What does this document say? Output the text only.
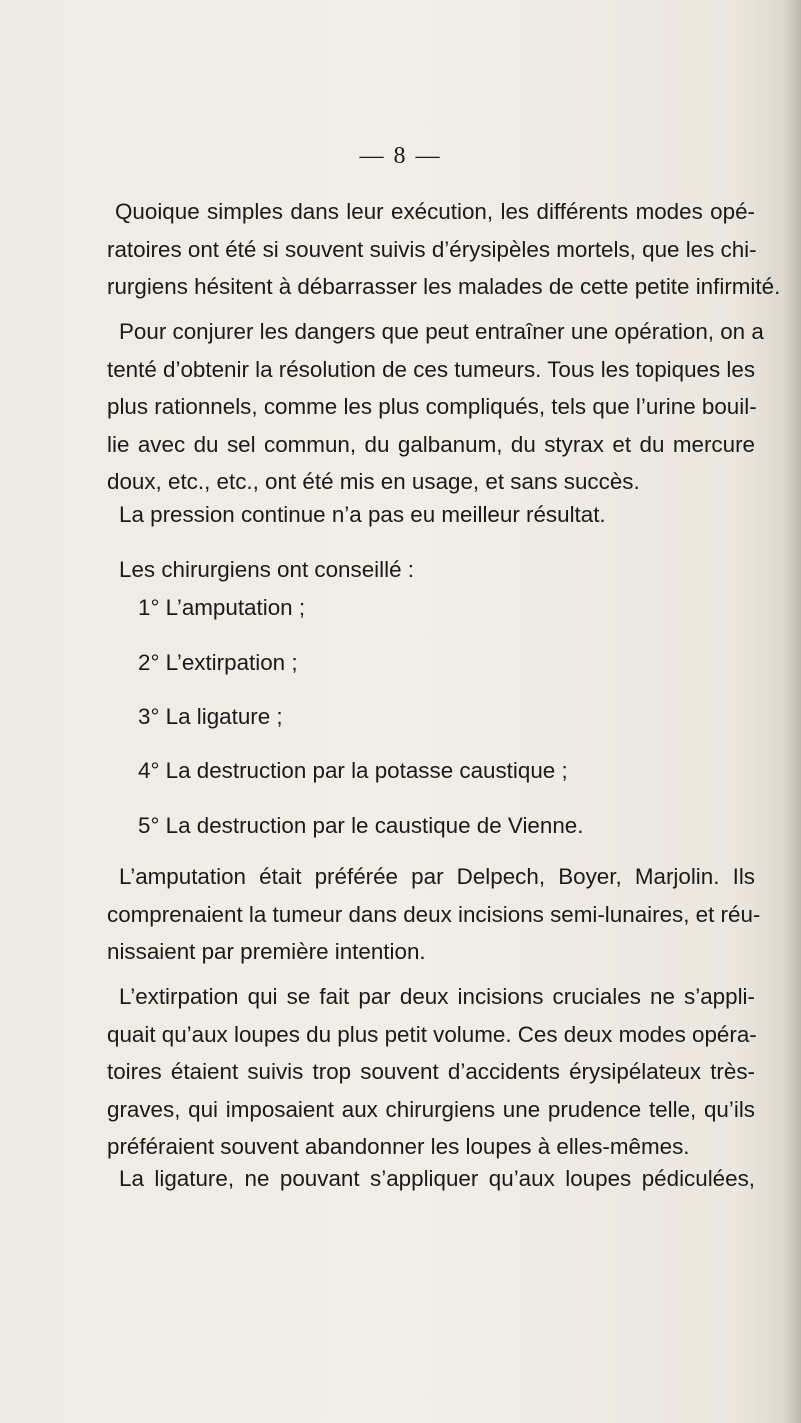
— 8 —
Quoique simples dans leur exécution, les différents modes opé-
ratoires ont été si souvent suivis d’érysipèles mortels, que les chi-
rurgiens hésitent à débarrasser les malades de cette petite infirmité.
Pour conjurer les dangers que peut entraîner une opération, on a
tenté d’obtenir la résolution de ces tumeurs. Tous les topiques les
plus rationnels, comme les plus compliqués, tels que l’urine bouil-
lie avec du sel commun, du galbanum, du styrax et du mercure
doux, etc., etc., ont été mis en usage, et sans succès.
La pression continue n’a pas eu meilleur résultat.
Les chirurgiens ont conseillé :
1° L’amputation ;
2° L’extirpation ;
3° La ligature ;
4° La destruction par la potasse caustique ;
5° La destruction par le caustique de Vienne.
L’amputation était préférée par Delpech, Boyer, Marjolin. Ils
comprenaient la tumeur dans deux incisions semi-lunaires, et réu-
nissaient par première intention.
L’extirpation qui se fait par deux incisions cruciales ne s’appli-
quait qu’aux loupes du plus petit volume. Ces deux modes opéra-
toires étaient suivis trop souvent d’accidents érysipélateux très-
graves, qui imposaient aux chirurgiens une prudence telle, qu’ils
préféraient souvent abandonner les loupes à elles-mêmes.
La ligature, ne pouvant s’appliquer qu’aux loupes pédiculées,
